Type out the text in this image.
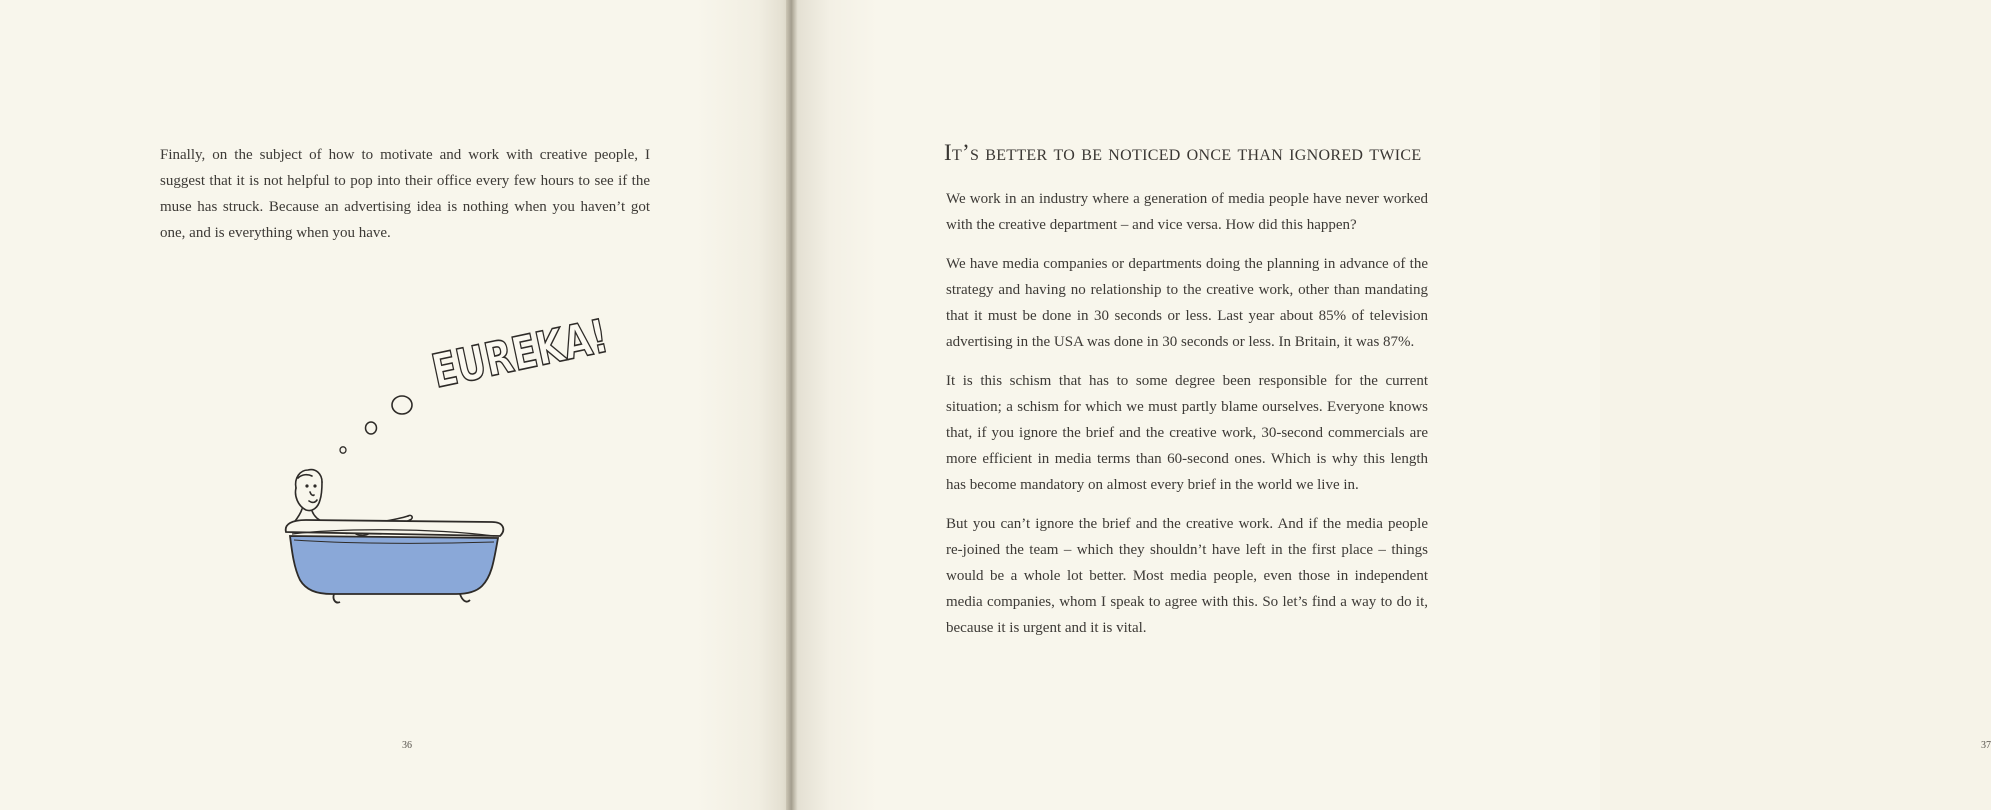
Finally, on the subject of how to motivate and work with creative people, I suggest that it is not helpful to pop into their office every few hours to see if the muse has struck. Because an advertising idea is nothing when you haven’t got one, and is everything when you have.

EUREKA!
36
It’s better to be noticed once than ignored twice

We work in an industry where a generation of media people have never worked with the creative department – and vice versa. How did this happen?

We have media companies or departments doing the planning in advance of the strategy and having no relationship to the creative work, other than mandating that it must be done in 30 seconds or less. Last year about 85% of television advertising in the USA was done in 30 seconds or less. In Britain, it was 87%.

It is this schism that has to some degree been responsible for the current situation; a schism for which we must partly blame ourselves. Everyone knows that, if you ignore the brief and the creative work, 30-second commercials are more efficient in media terms than 60-second ones. Which is why this length has become mandatory on almost every brief in the world we live in.

But you can’t ignore the brief and the creative work. And if the media people re-joined the team – which they shouldn’t have left in the first place – things would be a whole lot better. Most media people, even those in independent media companies, whom I speak to agree with this. So let’s find a way to do it, because it is urgent and it is vital.

37
